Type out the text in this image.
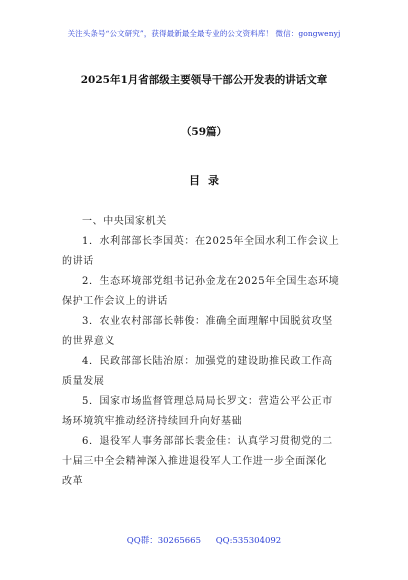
关注头条号“公文研究”，获得最新最全最专业的公文资料库！ 微信：gongwenyj
2025年1月省部级主要领导干部公开发表的讲话文章
（59篇）
目录
一、中央国家机关
1．水利部部长李国英：在2025年全国水利工作会议上
的讲话
2．生态环境部党组书记孙金龙在2025年全国生态环境
保护工作会议上的讲话
3．农业农村部部长韩俊：准确全面理解中国脱贫攻坚
的世界意义
4．民政部部长陆治原：加强党的建设助推民政工作高
质量发展
5．国家市场监督管理总局局长罗文：营造公平公正市
场环境筑牢推动经济持续回升向好基础
6．退役军人事务部部长裴金佳：认真学习贯彻党的二
十届三中全会精神深入推进退役军人工作进一步全面深化
改革
QQ群：30265665 QQ:535304092
